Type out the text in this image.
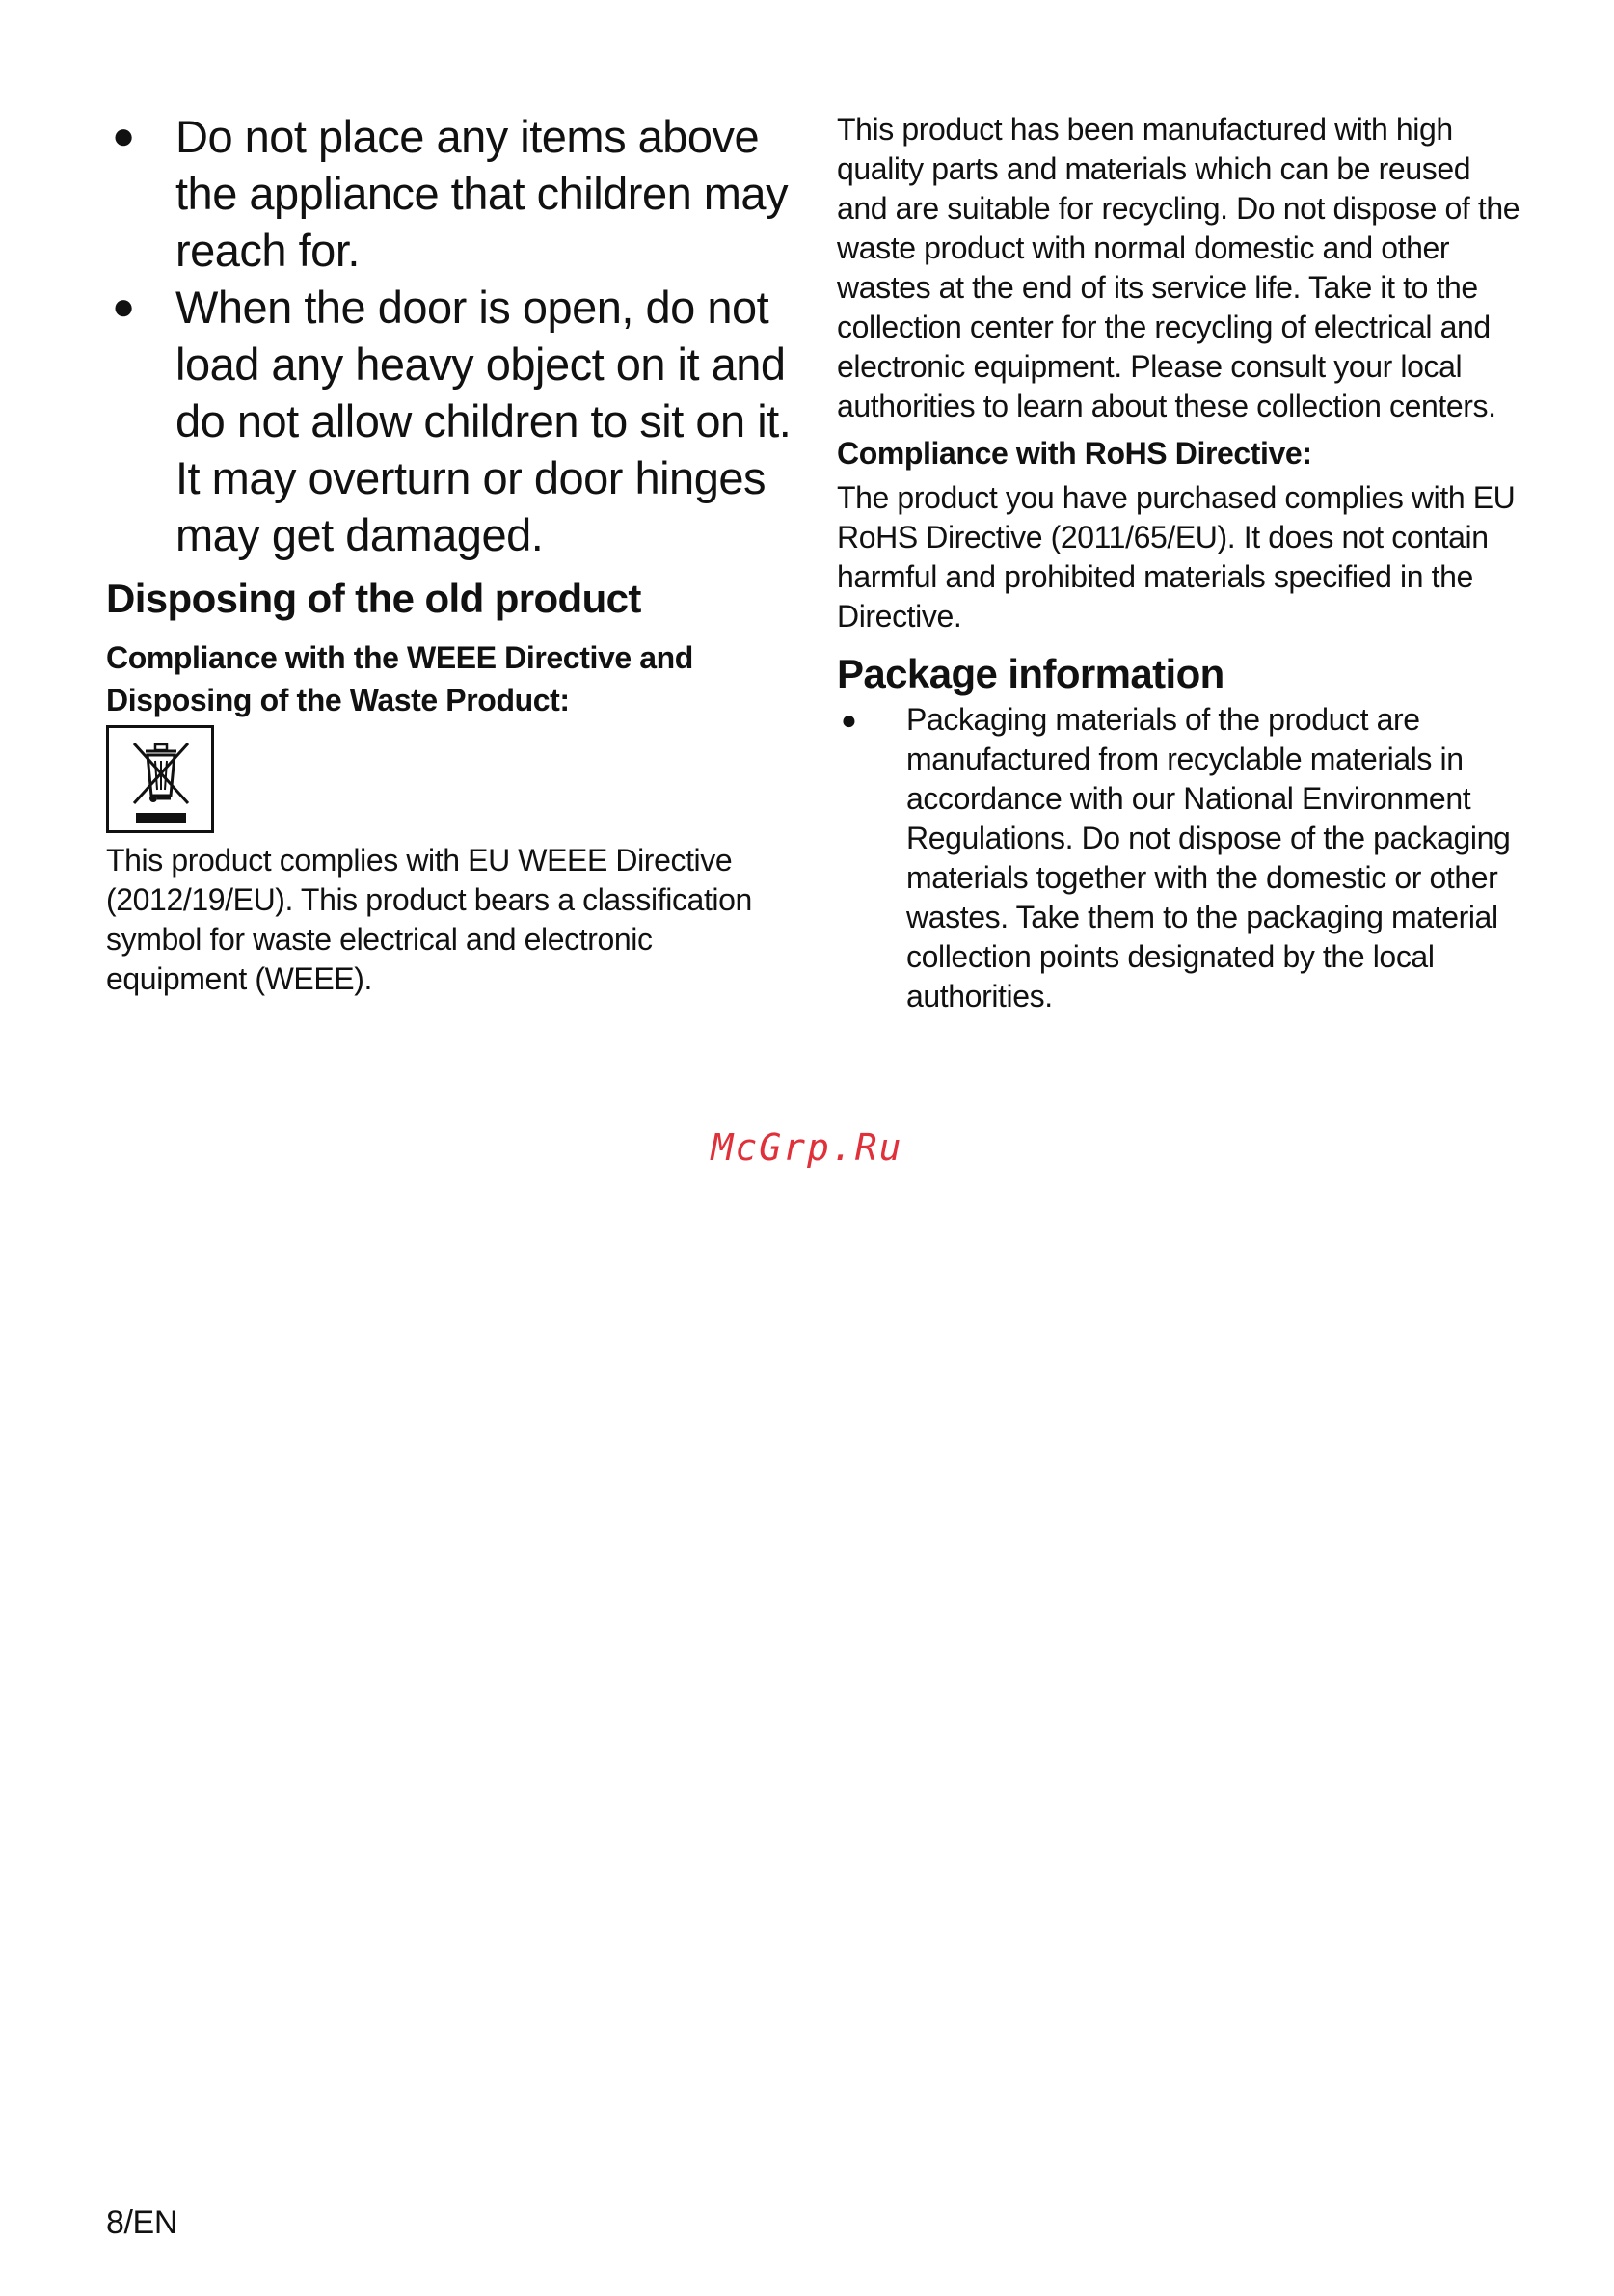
● Do not place any items above the appliance that children may reach for.
● When the door is open, do not load any heavy object on it and do not allow children to sit on it. It may overturn or door hinges may get damaged.
Disposing of the old product
Compliance with the WEEE Directive and Disposing of the Waste Product:

This product complies with EU WEEE Directive (2012/19/EU). This product bears a classification symbol for waste electrical and electronic equipment (WEEE).

This product has been manufactured with high quality parts and materials which can be reused and are suitable for recycling. Do not dispose of the waste product with normal domestic and other wastes at the end of its service life. Take it to the collection center for the recycling of electrical and electronic equipment. Please consult your local authorities to learn about these collection centers.

Compliance with RoHS Directive:

The product you have purchased complies with EU RoHS Directive (2011/65/EU). It does not contain harmful and prohibited materials specified in the Directive.

Package information
● Packaging materials of the product are manufactured from recyclable materials in accordance with our National Environment Regulations. Do not dispose of the packaging materials together with the domestic or other wastes. Take them to the packaging material collection points designated by the local authorities.
McGrp.Ru
8/EN
